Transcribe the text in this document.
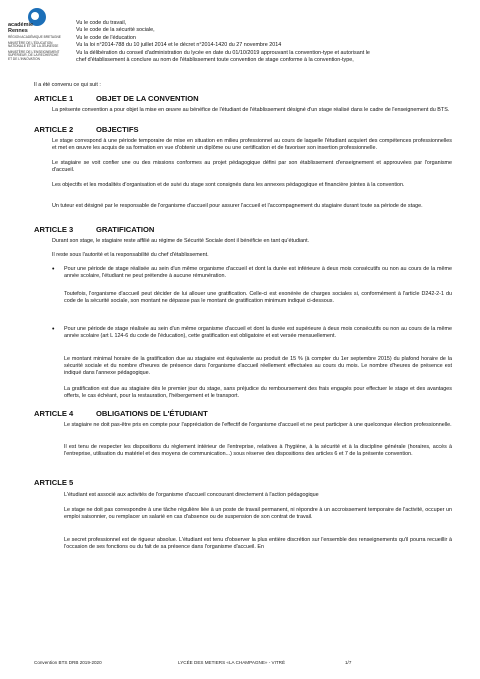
académie
Rennes
RÉGION ACADÉMIQUE BRETAGNE
MINISTÈRE DE L'ÉDUCATION NATIONALE ET DE LA JEUNESSE
MINISTÈRE DE L'ENSEIGNEMENT SUPÉRIEUR, DE LA RECHERCHE ET DE L'INNOVATION
Vu le code du travail,
Vu le code de la sécurité sociale,
Vu le code de l'éducation
Vu la loi n°2014-788 du 10 juillet 2014 et le décret n°2014-1420 du 27 novembre 2014
Vu la délibération du conseil d'administration du lycée en date du 01/10/2019 approuvant la convention-type et autorisant le
chef d'établissement à conclure au nom de l'établissement toute convention de stage conforme à la convention-type,
Il a été convenu ce qui suit :
ARTICLE 1	OBJET DE LA CONVENTION
La présente convention a pour objet la mise en œuvre au bénéfice de l'étudiant de l'établissement désigné d'un stage réalisé dans le cadre de l'enseignement du BTS.
ARTICLE 2	OBJECTIFS
Le stage correspond à une période temporaire de mise en situation en milieu professionnel au cours de laquelle l'étudiant acquiert des compétences professionnelles et met en œuvre les acquis de sa formation en vue d'obtenir un diplôme ou une certification et de favoriser son insertion professionnelle.
Le stagiaire se voit confier une ou des missions conformes au projet pédagogique défini par son établissement d'enseignement et approuvées par l'organisme d'accueil.
Les objectifs et les modalités d'organisation et de suivi du stage sont consignés dans les annexes pédagogique et financière jointes à la convention.
Un tuteur est désigné par le responsable de l'organisme d'accueil pour assurer l'accueil et l'accompagnement du stagiaire durant toute sa période de stage.
ARTICLE 3	GRATIFICATION
Durant son stage, le stagiaire reste affilié au régime de Sécurité Sociale dont il bénéficie en tant qu'étudiant.
Il reste sous l'autorité et la responsabilité du chef d'établissement.
• Pour une période de stage réalisée au sein d'un même organisme d'accueil et dont la durée est inférieure à deux mois consécutifs ou non au cours de la même année scolaire, l'étudiant ne peut prétendre à aucune rémunération.
Toutefois, l'organisme d'accueil peut décider de lui allouer une gratification. Celle-ci est exonérée de charges sociales si, conformément à l'article D242-2-1 du code de la sécurité sociale, son montant ne dépasse pas le montant de gratification minimum indiqué ci-dessous.
• Pour une période de stage réalisée au sein d'un même organisme d'accueil et dont la durée est supérieure à deux mois consécutifs ou non au cours de la même année scolaire (art L 124-6 du code de l'éducation), cette gratification est obligatoire et est versée mensuellement.
Le montant minimal horaire de la gratification due au stagiaire est équivalente au produit de 15 % (à compter du 1er septembre 2015) du plafond horaire de la sécurité sociale et du nombre d'heures de présence dans l'organisme d'accueil réellement effectuées au cours du mois. Le nombre d'heures de présence est indiqué dans l'annexe pédagogique.
La gratification est due au stagiaire dès le premier jour du stage, sans préjudice du remboursement des frais engagés pour effectuer le stage et des avantages offerts, le cas échéant, pour la restauration, l'hébergement et le transport.
ARTICLE 4	OBLIGATIONS DE L'ÉTUDIANT
Le stagiaire ne doit pas-être pris en compte pour l'appréciation de l'effectif de l'organisme d'accueil et ne peut participer à une quelconque élection professionnelle.
Il est tenu de respecter les dispositions du règlement intérieur de l'entreprise, relatives à l'hygiène, à la sécurité et à la discipline générale (horaires, accès à l'entreprise, utilisation du matériel et des moyens de communication...) sous réserve des dispositions des articles 6 et 7 de la présente convention.
ARTICLE 5
L'étudiant est associé aux activités de l'organisme d'accueil concourant directement à l'action pédagogique
Le stage ne doit pas correspondre à une tâche régulière liée à un poste de travail permanent, ni répondre à un accroissement temporaire de l'activité, occuper un emploi saisonnier, ou remplacer un salarié en cas d'absence ou de suspension de son contrat de travail.
Le secret professionnel est de rigueur absolue. L'étudiant est tenu d'observer la plus entière discrétion sur l'ensemble des renseignements qu'il pourra recueillir à l'occasion de ses fonctions ou du fait de sa présence dans l'organisme d'accueil. En
Convention BTS DRB 2019-2020	LYCÉE DES METIERS «LA CHAMPAGNE» - VITRÉ	1/7
